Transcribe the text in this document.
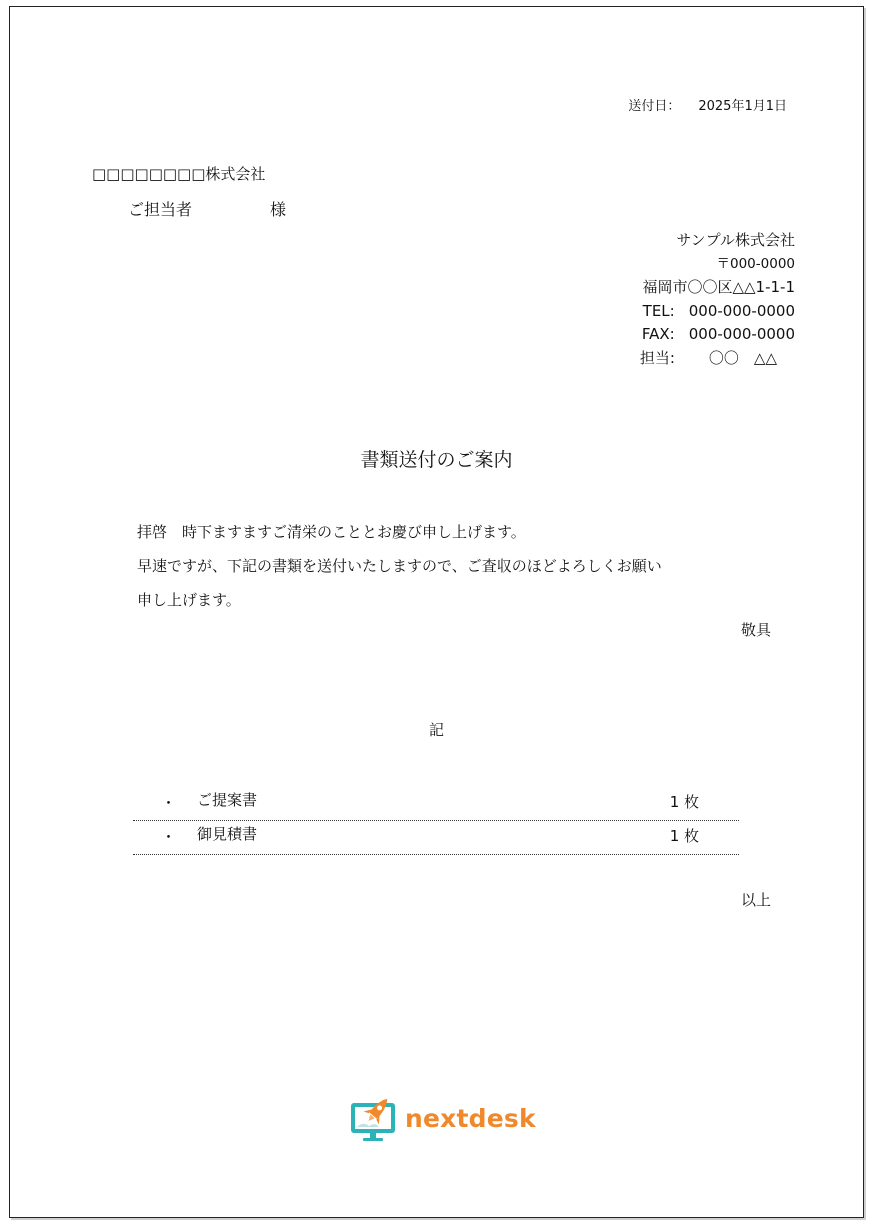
送付日： 2025年1月1日
□□□□□□□□株式会社
ご担当者	様
サンプル株式会社
〒000-0000
福岡市〇〇区△△1-1-1
TEL: 000-000-0000
FAX: 000-000-0000
担当: 〇〇　△△
書類送付のご案内
拝啓　時下ますますご清栄のこととお慶び申し上げます。
早速ですが、下記の書類を送付いたしますので、ご査収のほどよろしくお願い
申し上げます。
敬具
記
・ ご提案書	1 枚
・ 御見積書	1 枚
以上
nextdesk
